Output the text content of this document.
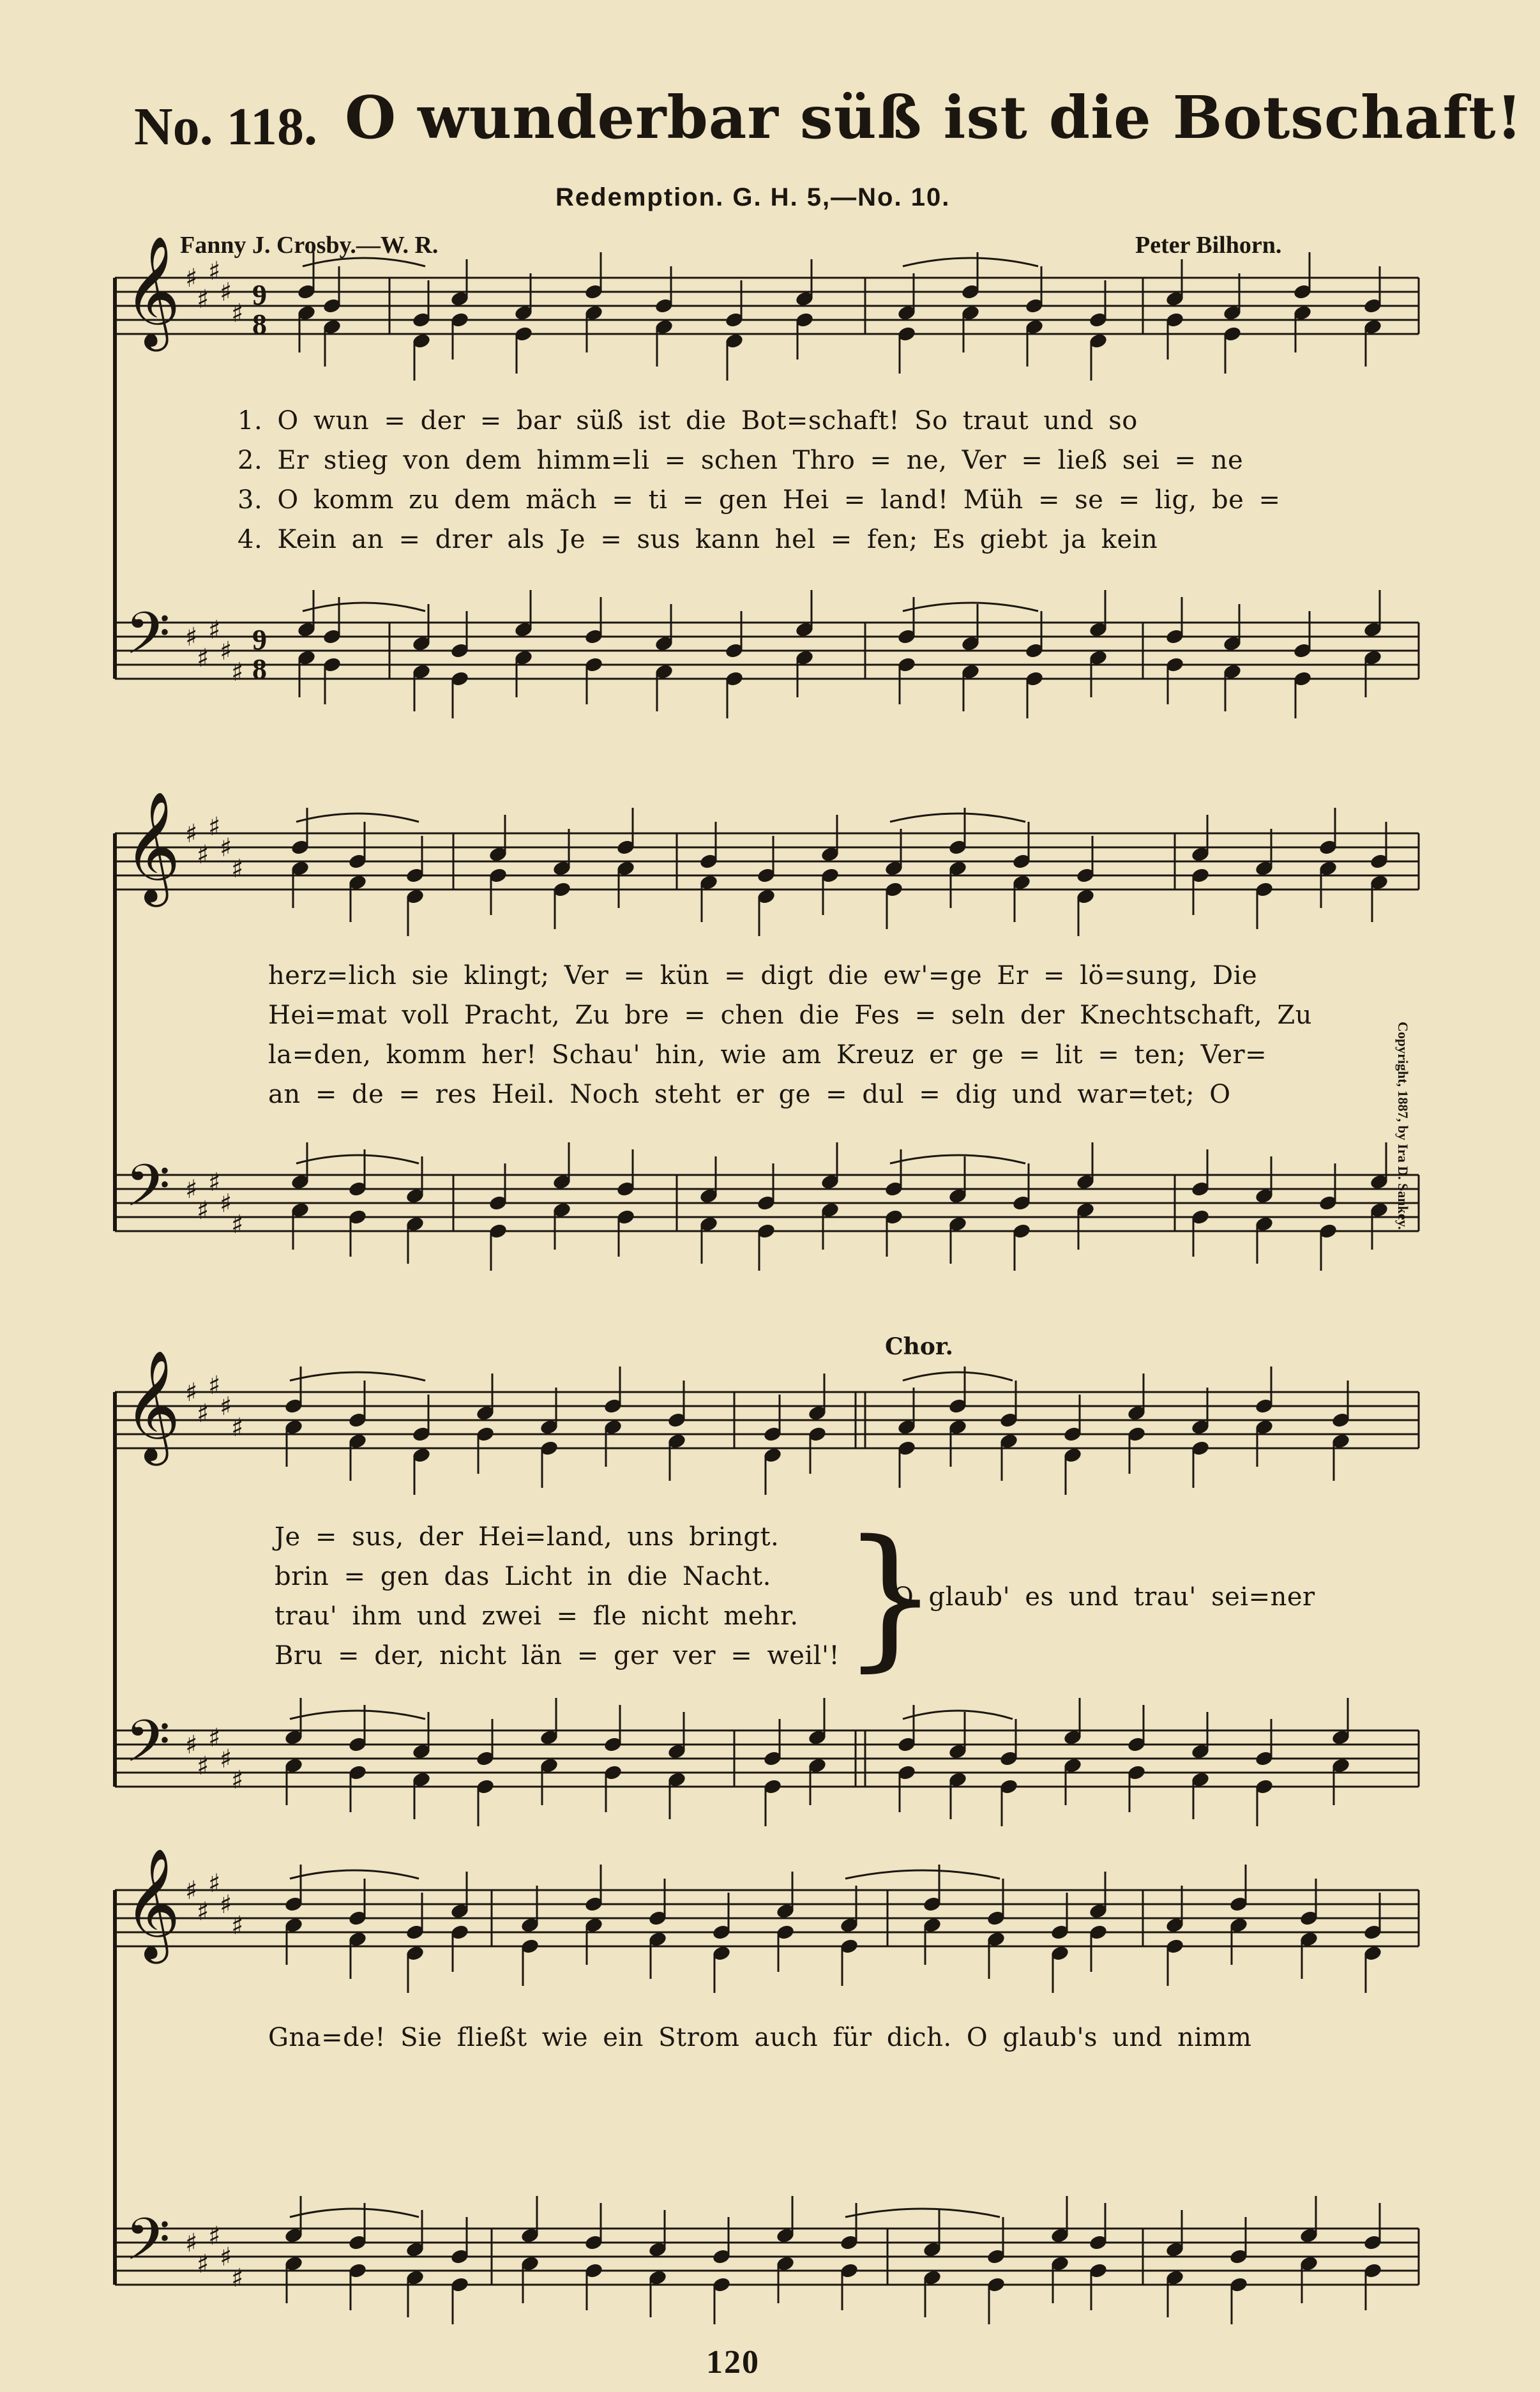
No. 118. O wunderbar süß ist die Botschaft!
Redemption. G. H. 5,—No. 10.
Fanny J. Crosby.—W. R.	Peter Bilhorn.
Copyright, 1887, by Ira D. Sankey.
𝄞
𝄢
♯
♯
♯
♯
♯
♯
♯
♯
♯
♯
9
8
9
8
𝄞
𝄢
♯
♯
♯
♯
♯
♯
♯
♯
♯
♯
𝄞
𝄢
♯
♯
♯
♯
♯
♯
♯
♯
♯
♯
𝄞
𝄢
♯
♯
♯
♯
♯
♯
♯
♯
♯
♯
1. O wun = der = bar süß ist die Bot=schaft! So traut und so
2. Er stieg von dem himm=li = schen Thro = ne, Ver = ließ sei = ne
3. O komm zu dem mäch = ti = gen Hei = land! Müh = se = lig, be =
4. Kein an = drer als Je = sus kann hel = fen; Es giebt ja kein
herz=lich sie klingt; Ver = kün = digt die ew'=ge Er = lö=sung, Die
Hei=mat voll Pracht, Zu bre = chen die Fes = seln der Knechtschaft, Zu
la=den, komm her! Schau' hin, wie am Kreuz er ge = lit = ten; Ver=
an = de = res Heil. Noch steht er ge = dul = dig und war=tet; O
Je = sus, der Hei=land, uns bringt.
brin = gen das Licht in die Nacht.
trau' ihm und zwei = fle nicht mehr.
Bru = der, nicht län = ger ver = weil'! }
Chor.
O glaub' es und trau' sei=ner
Gna=de! Sie fließt wie ein Strom auch für dich. O glaub's und nimm
120
